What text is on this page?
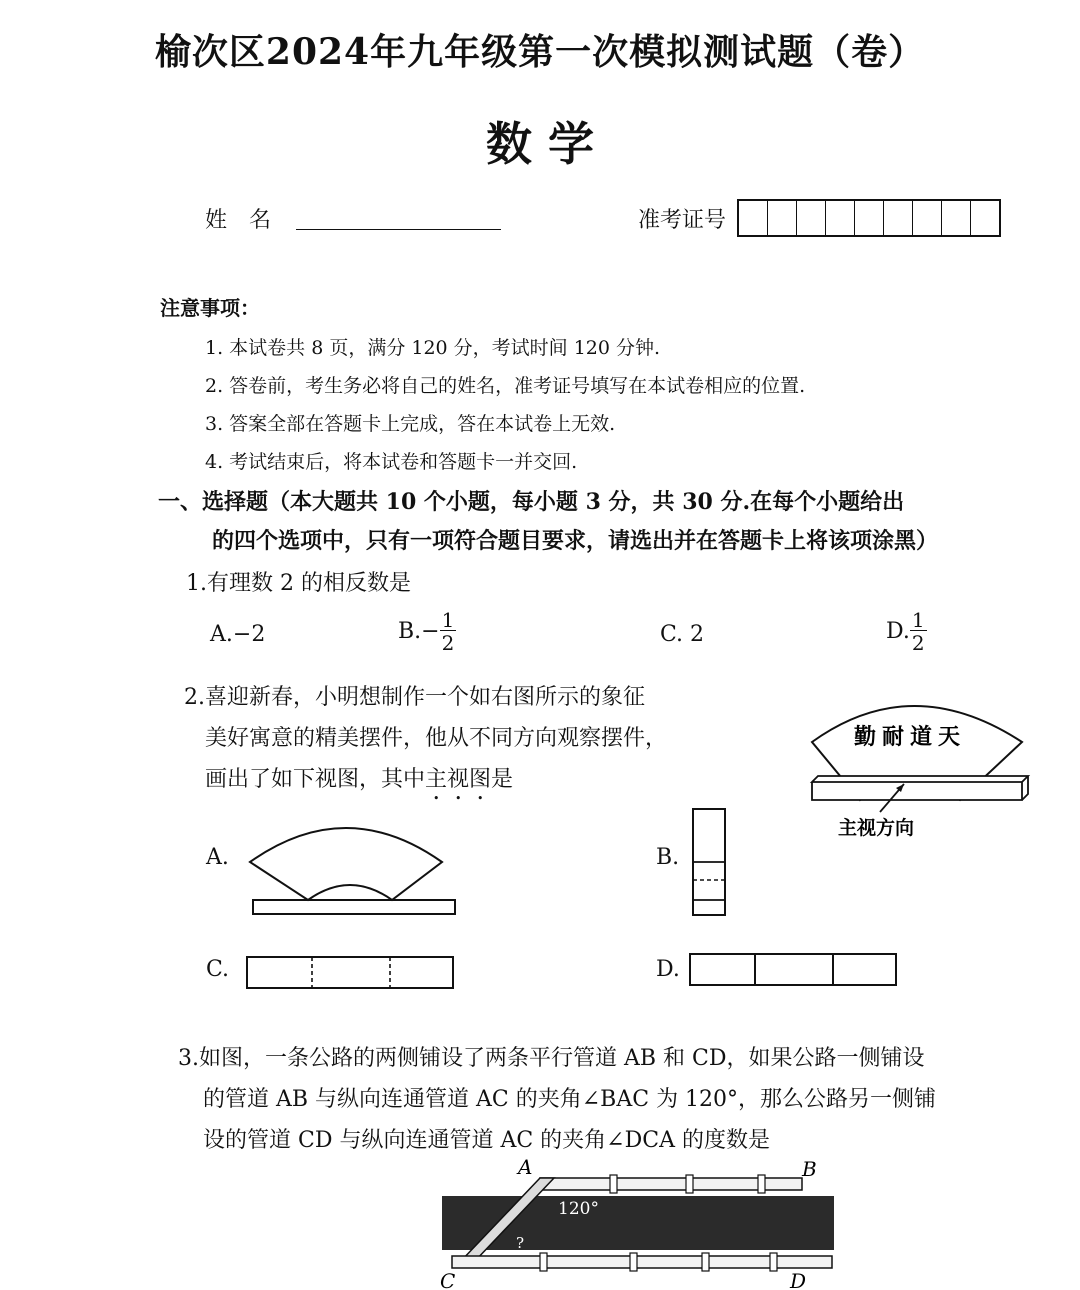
榆次区2024年九年级第一次模拟测试题（卷）
数 学
姓　名	准考证号
注意事项：
1. 本试卷共 8 页，满分 120 分，考试时间 120 分钟.
2. 答卷前，考生务必将自己的姓名，准考证号填写在本试卷相应的位置.
3. 答案全部在答题卡上完成，答在本试卷上无效.
4. 考试结束后，将本试卷和答题卡一并交回.
一、选择题（本大题共 10 个小题，每小题 3 分，共 30 分.在每个小题给出
的四个选项中，只有一项符合题目要求，请选出并在答题卡上将该项涂黑）
1.有理数 2 的相反数是
A.−2	$B.- \frac{1}{2}$	C. 2	D. $\frac{1}{2}$
2.喜迎新春，小明想制作一个如右图所示的象征
美好寓意的精美摆件，他从不同方向观察摆件，
画出了如下视图，其中主视图是
勤耐道天
主视方向
A.	B.
C.	D.
3.如图，一条公路的两侧铺设了两条平行管道 AB 和 CD，如果公路一侧铺设
的管道 AB 与纵向连通管道 AC 的夹角∠BAC 为 120°，那么公路另一侧铺
设的管道 CD 与纵向连通管道 AC 的夹角∠DCA 的度数是
A	B
C	D
120°
?
